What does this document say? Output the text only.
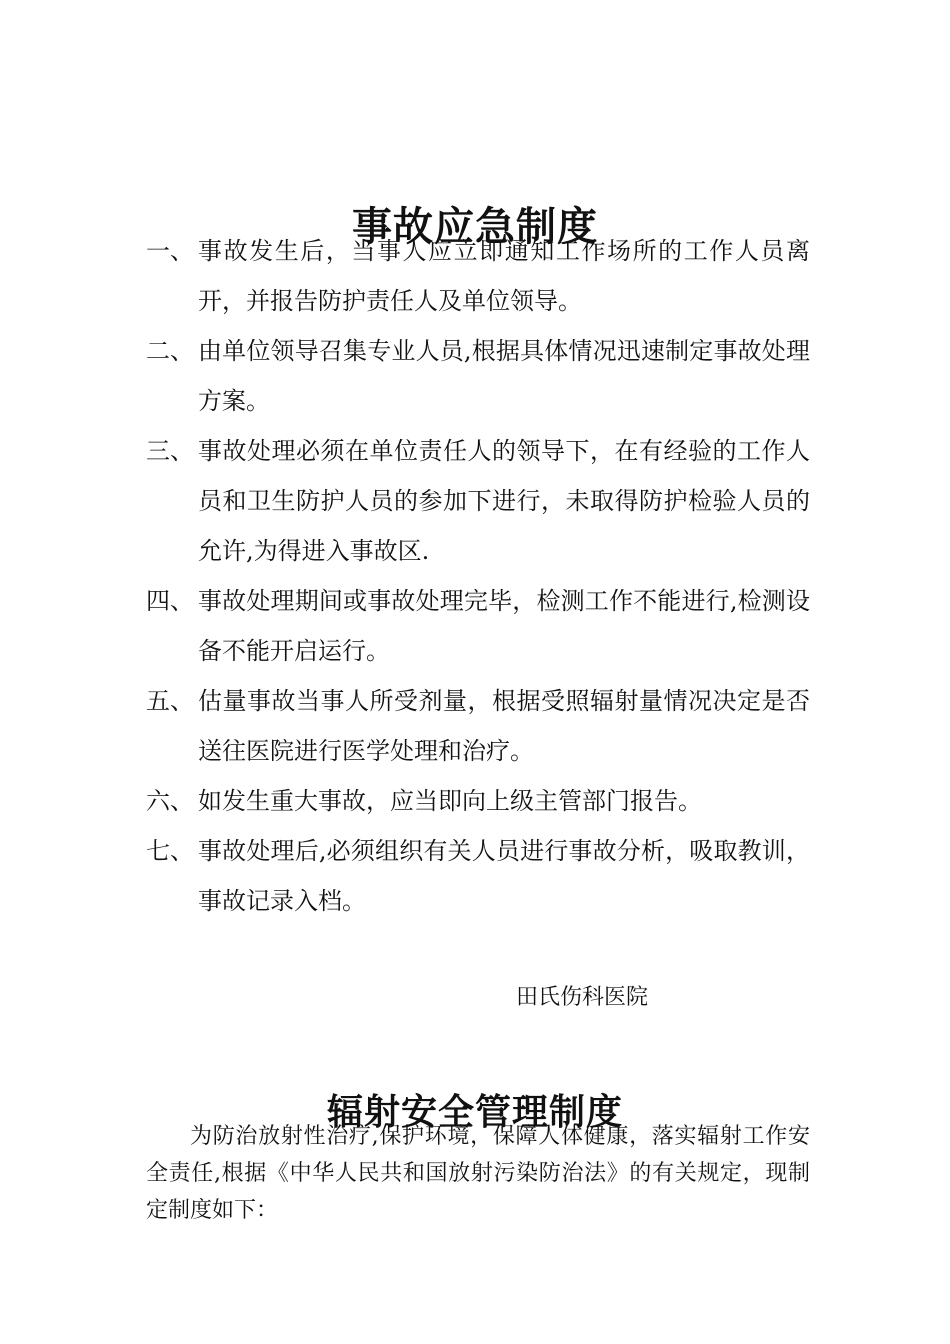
事故应急制度
一、 事故发生后，当事人应立即通知工作场所的工作人员离开，并报告防护责任人及单位领导。
二、 由单位领导召集专业人员,根据具体情况迅速制定事故处理方案。
三、 事故处理必须在单位责任人的领导下，在有经验的工作人员和卫生防护人员的参加下进行，未取得防护检验人员的允许,为得进入事故区.
四、 事故处理期间或事故处理完毕，检测工作不能进行,检测设备不能开启运行。
五、 估量事故当事人所受剂量，根据受照辐射量情况决定是否送往医院进行医学处理和治疗。
六、 如发生重大事故，应当即向上级主管部门报告。
七、 事故处理后,必须组织有关人员进行事故分析，吸取教训，事故记录入档。
田氏伤科医院
辐射安全管理制度

为防治放射性治疗,保护环境，保障人体健康，落实辐射工作安全责任,根据《中华人民共和国放射污染防治法》的有关规定，现制定制度如下：
